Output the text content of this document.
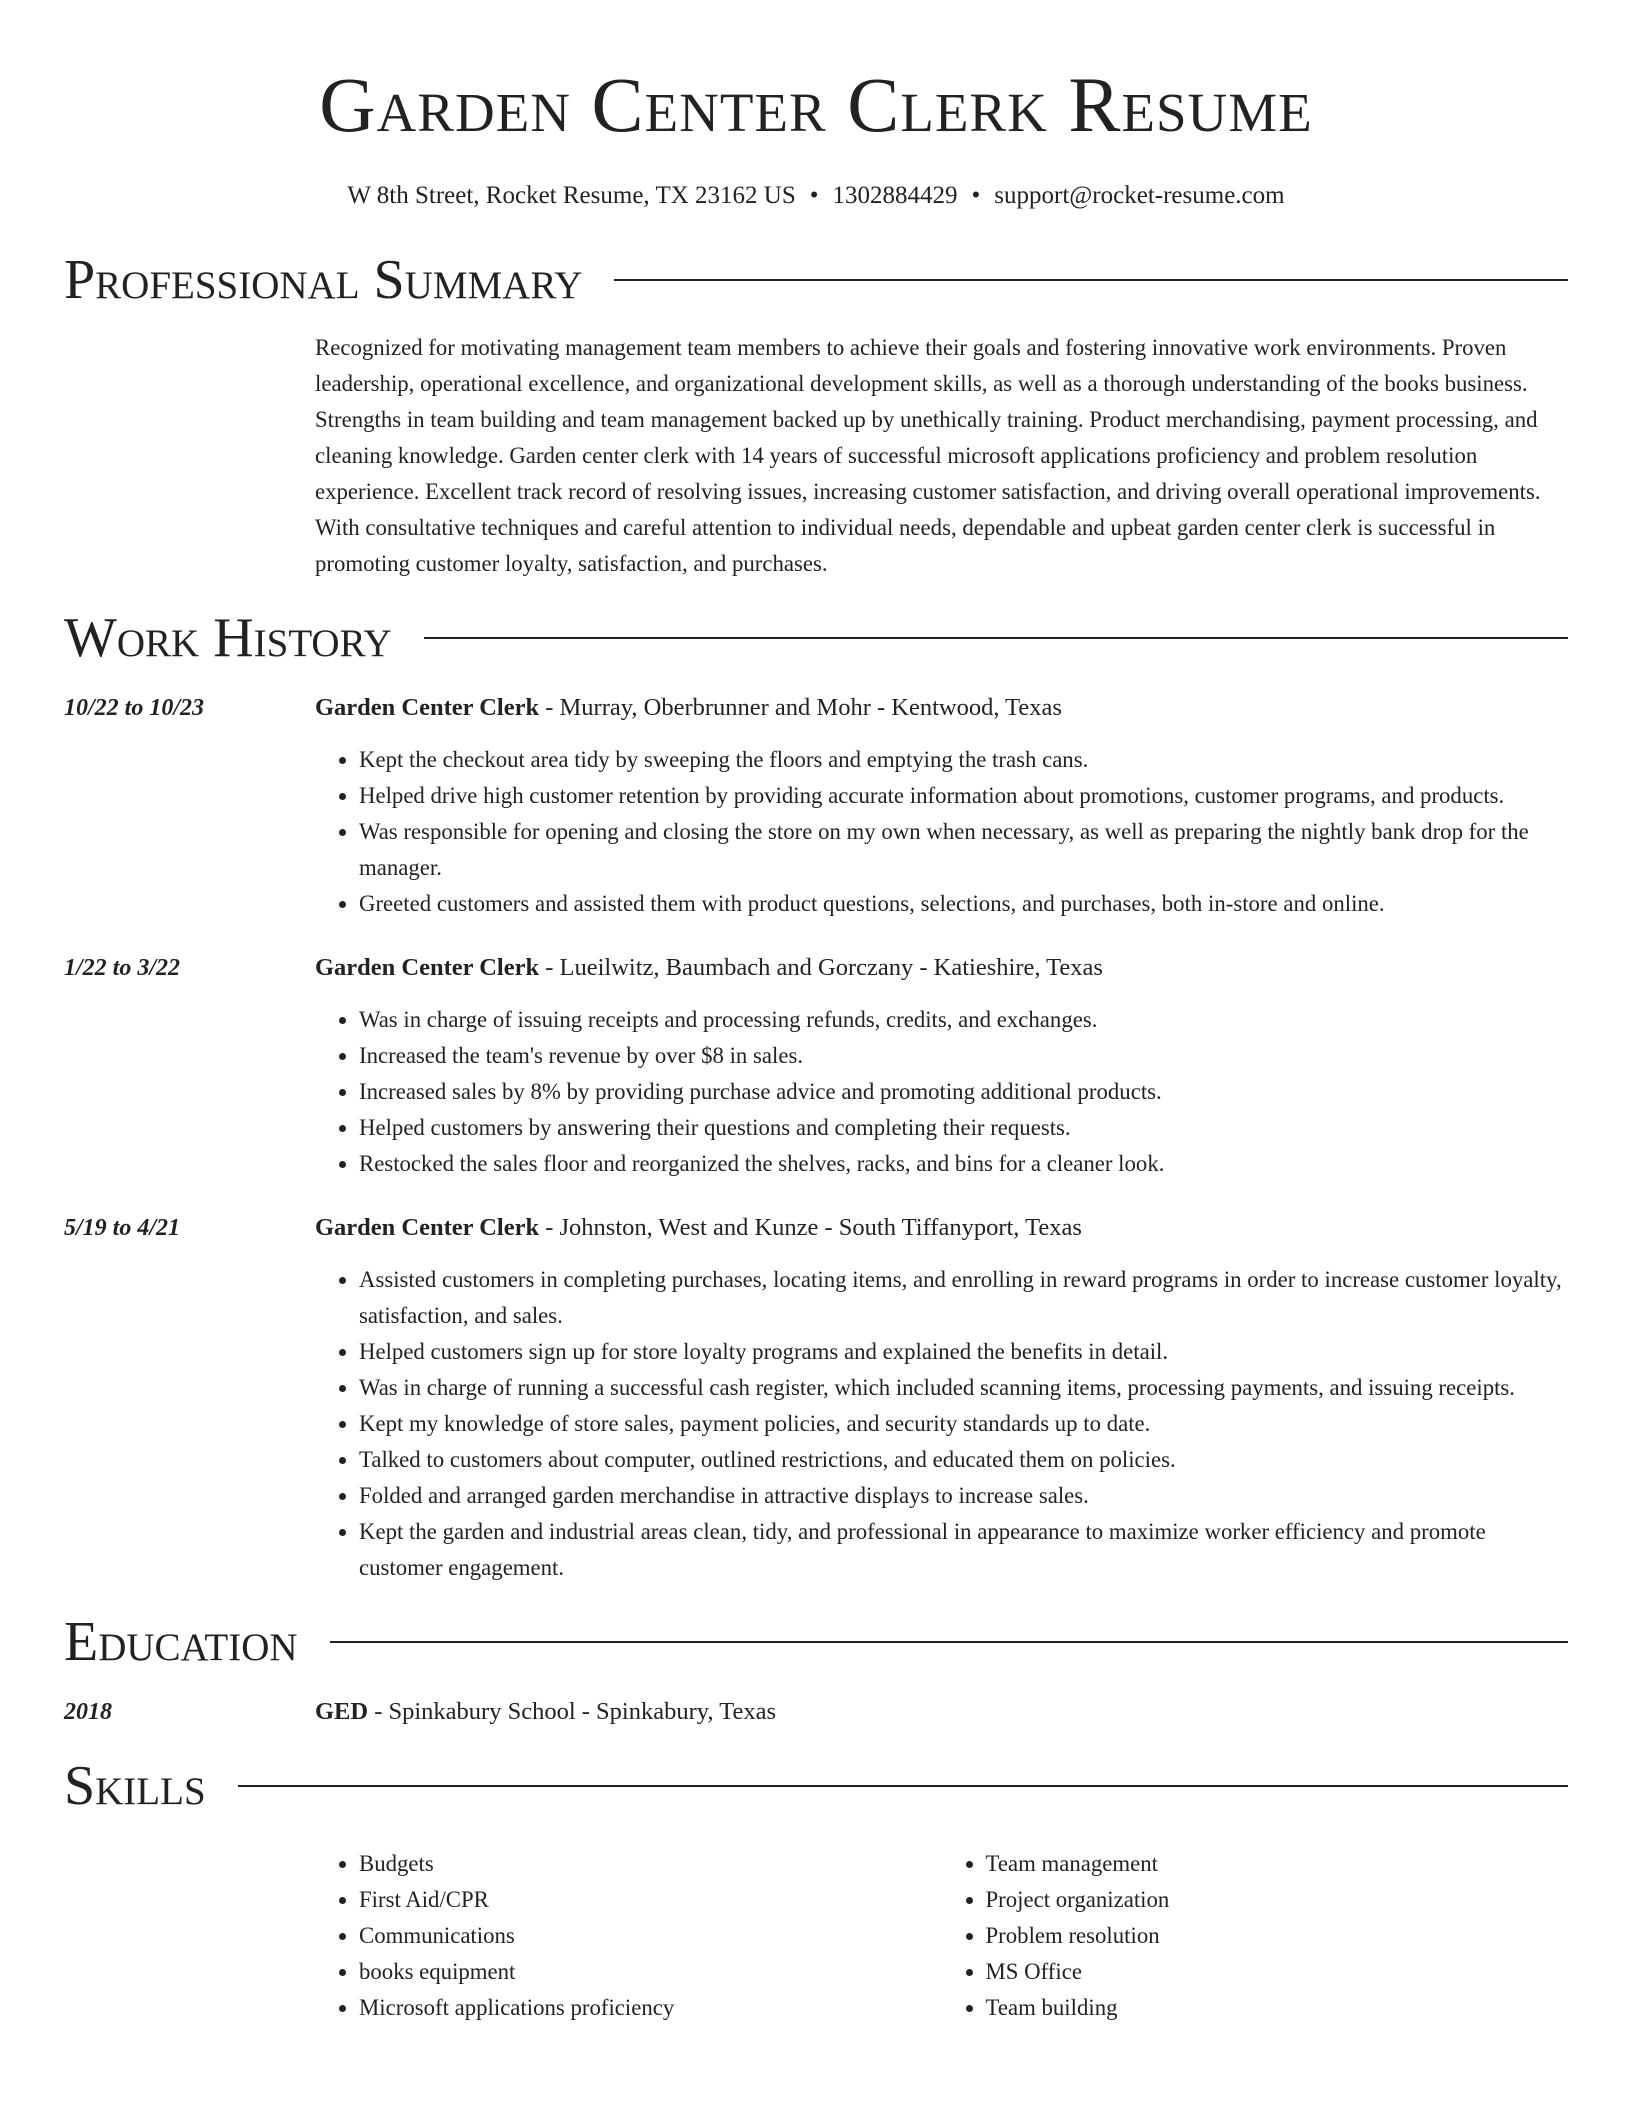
Garden Center Clerk Resume
W 8th Street, Rocket Resume, TX 23162 US • 1302884429 • support@rocket-resume.com
Professional Summary
Recognized for motivating management team members to achieve their goals and fostering innovative work environments. Proven leadership, operational excellence, and organizational development skills, as well as a thorough understanding of the books business. Strengths in team building and team management backed up by unethically training. Product merchandising, payment processing, and cleaning knowledge. Garden center clerk with 14 years of successful microsoft applications proficiency and problem resolution experience. Excellent track record of resolving issues, increasing customer satisfaction, and driving overall operational improvements. With consultative techniques and careful attention to individual needs, dependable and upbeat garden center clerk is successful in promoting customer loyalty, satisfaction, and purchases.
Work History
10/22 to 10/23	Garden Center Clerk - Murray, Oberbrunner and Mohr - Kentwood, Texas
• Kept the checkout area tidy by sweeping the floors and emptying the trash cans.
• Helped drive high customer retention by providing accurate information about promotions, customer programs, and products.
• Was responsible for opening and closing the store on my own when necessary, as well as preparing the nightly bank drop for the manager.
• Greeted customers and assisted them with product questions, selections, and purchases, both in-store and online.
1/22 to 3/22	Garden Center Clerk - Lueilwitz, Baumbach and Gorczany - Katieshire, Texas
• Was in charge of issuing receipts and processing refunds, credits, and exchanges.
• Increased the team's revenue by over $8 in sales.
• Increased sales by 8% by providing purchase advice and promoting additional products.
• Helped customers by answering their questions and completing their requests.
• Restocked the sales floor and reorganized the shelves, racks, and bins for a cleaner look.
5/19 to 4/21	Garden Center Clerk - Johnston, West and Kunze - South Tiffanyport, Texas
• Assisted customers in completing purchases, locating items, and enrolling in reward programs in order to increase customer loyalty, satisfaction, and sales.
• Helped customers sign up for store loyalty programs and explained the benefits in detail.
• Was in charge of running a successful cash register, which included scanning items, processing payments, and issuing receipts.
• Kept my knowledge of store sales, payment policies, and security standards up to date.
• Talked to customers about computer, outlined restrictions, and educated them on policies.
• Folded and arranged garden merchandise in attractive displays to increase sales.
• Kept the garden and industrial areas clean, tidy, and professional in appearance to maximize worker efficiency and promote customer engagement.
Education
2018	GED - Spinkabury School - Spinkabury, Texas
Skills
• Budgets
• First Aid/CPR
• Communications
• books equipment
• Microsoft applications proficiency
• Team management
• Project organization
• Problem resolution
• MS Office
• Team building
